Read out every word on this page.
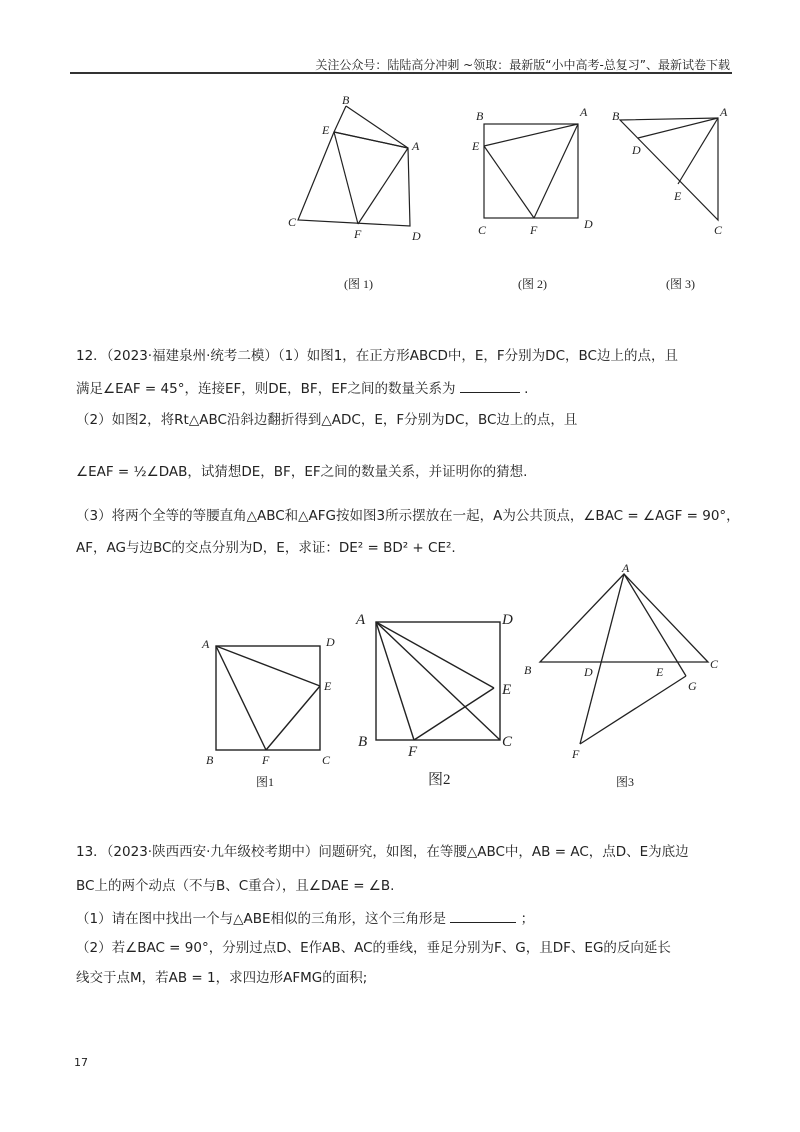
关注公众号：陆陆高分冲刺 ~领取：最新版“小中高考-总复习”、最新试卷下载
B
E
A
C
F	D
(图 1)
B	A
E
C	F	D
(图 2)
B	A
D
E
C
(图 3)
12．（2023·福建泉州·统考二模）（1）如图1，在正方形ABCD中，E，F分别为DC，BC边上的点，且
满足∠EAF = 45°，连接EF，则DE，BF，EF之间的数量关系为	.
（2）如图2，将Rt△ABC沿斜边翻折得到△ADC，E，F分别为DC，BC边上的点，且
∠EAF = ½∠DAB，试猜想DE，BF，EF之间的数量关系，并证明你的猜想.
（3）将两个全等的等腰直角△ABC和△AFG按如图3所示摆放在一起，A为公共顶点，∠BAC = ∠AGF = 90°，
AF，AG与边BC的交点分别为D，E，求证：DE² = BD² + CE².
A	D
E
B	F	C
图1
A	D
E
B
F
C
图2
A
B	D	E
C
G
F
图3
13．（2023·陕西西安·九年级校考期中）问题研究，如图，在等腰△ABC中，AB = AC，点D、E为底边
BC上的两个动点（不与B、C重合），且∠DAE = ∠B.
（1）请在图中找出一个与△ABE相似的三角形，这个三角形是	；
（2）若∠BAC = 90°，分别过点D、E作AB、AC的垂线，垂足分别为F、G，且DF、EG的反向延长
线交于点M，若AB = 1，求四边形AFMG的面积;
17
